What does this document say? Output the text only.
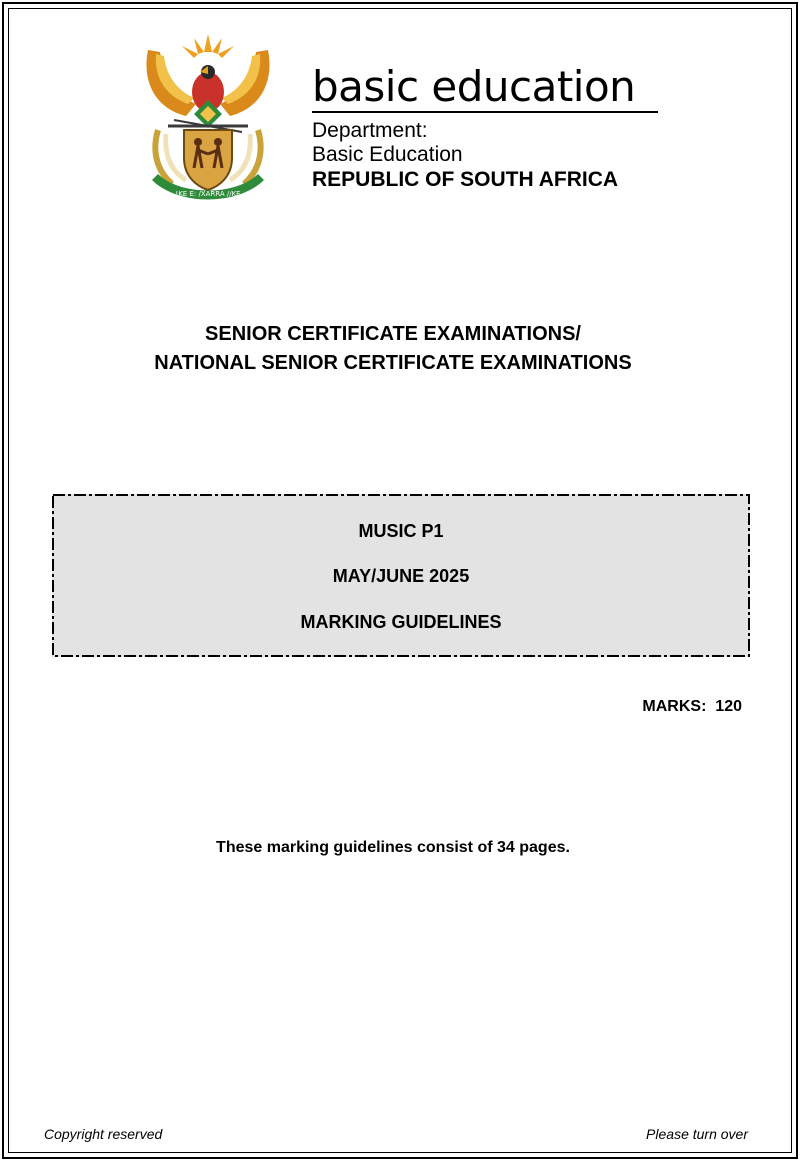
!KE E: /XARRA //KE
basic education
Department:
Basic Education
REPUBLIC OF SOUTH AFRICA
SENIOR CERTIFICATE EXAMINATIONS/
NATIONAL SENIOR CERTIFICATE EXAMINATIONS
MUSIC P1
MAY/JUNE 2025
MARKING GUIDELINES
MARKS: 120
These marking guidelines consist of 34 pages.
Copyright reserved	Please turn over
